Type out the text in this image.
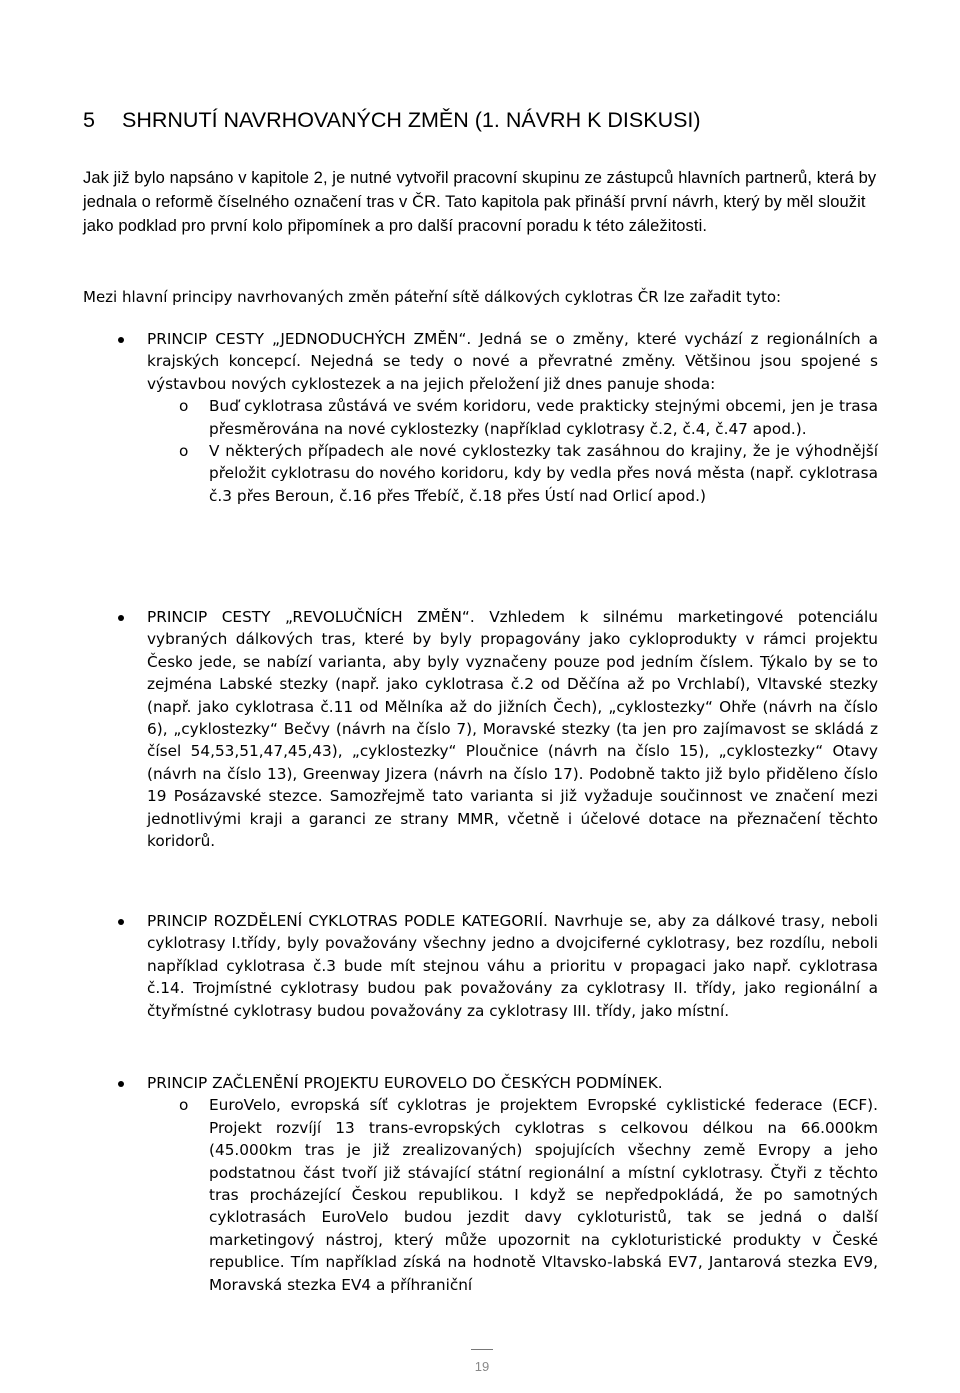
5 SHRNUTÍ NAVRHOVANÝCH ZMĚN (1. NÁVRH K DISKUSI)
Jak již bylo napsáno v kapitole 2, je nutné vytvořil pracovní skupinu ze zástupců hlavních partnerů, která by jednala o reformě číselného označení tras v ČR. Tato kapitola pak přináší první návrh, který by měl sloužit jako podklad pro první kolo připomínek a pro další pracovní poradu k této záležitosti.
Mezi hlavní principy navrhovaných změn páteřní sítě dálkových cyklotras ČR lze zařadit tyto:
PRINCIP CESTY „JEDNODUCHÝCH ZMĚN“. Jedná se o změny, které vychází z regionálních a krajských koncepcí. Nejedná se tedy o nové a převratné změny. Většinou jsou spojené s výstavbou nových cyklostezek a na jejich přeložení již dnes panuje shoda:
o Buď cyklotrasa zůstává ve svém koridoru, vede prakticky stejnými obcemi, jen je trasa přesměrována na nové cyklostezky (například cyklotrasy č.2, č.4, č.47 apod.).
o V některých případech ale nové cyklostezky tak zasáhnou do krajiny, že je výhodnější přeložit cyklotrasu do nového koridoru, kdy by vedla přes nová města (např. cyklotrasa č.3 přes Beroun, č.16 přes Třebíč, č.18 přes Ústí nad Orlicí apod.)
PRINCIP CESTY „REVOLUČNÍCH ZMĚN“. Vzhledem k silnému marketingové potenciálu vybraných dálkových tras, které by byly propagovány jako cykloprodukty v rámci projektu Česko jede, se nabízí varianta, aby byly vyznačeny pouze pod jedním číslem. Týkalo by se to zejména Labské stezky (např. jako cyklotrasa č.2 od Děčína až po Vrchlabí), Vltavské stezky (např. jako cyklotrasa č.11 od Mělníka až do jižních Čech), „cyklostezky“ Ohře (návrh na číslo 6), „cyklostezky“ Bečvy (návrh na číslo 7), Moravské stezky (ta jen pro zajímavost se skládá z čísel 54,53,51,47,45,43), „cyklostezky“ Ploučnice (návrh na číslo 15), „cyklostezky“ Otavy (návrh na číslo 13), Greenway Jizera (návrh na číslo 17). Podobně takto již bylo přiděleno číslo 19 Posázavské stezce. Samozřejmě tato varianta si již vyžaduje součinnost ve značení mezi jednotlivými kraji a garanci ze strany MMR, včetně i účelové dotace na přeznačení těchto koridorů.
PRINCIP ROZDĚLENÍ CYKLOTRAS PODLE KATEGORIÍ. Navrhuje se, aby za dálkové trasy, neboli cyklotrasy I.třídy, byly považovány všechny jedno a dvojciferné cyklotrasy, bez rozdílu, neboli například cyklotrasa č.3 bude mít stejnou váhu a prioritu v propagaci jako např. cyklotrasa č.14. Trojmístné cyklotrasy budou pak považovány za cyklotrasy II. třídy, jako regionální a čtyřmístné cyklotrasy budou považovány za cyklotrasy III. třídy, jako místní.
PRINCIP ZAČLENĚNÍ PROJEKTU EUROVELO DO ČESKÝCH PODMÍNEK.
o EuroVelo, evropská síť cyklotras je projektem Evropské cyklistické federace (ECF). Projekt rozvíjí 13 trans-evropských cyklotras s celkovou délkou na 66.000km (45.000km tras je již zrealizovaných) spojujících všechny země Evropy a jeho podstatnou část tvoří již stávající státní regionální a místní cyklotrasy. Čtyři z těchto tras procházející Českou republikou. I když se nepředpokládá, že po samotných cyklotrasách EuroVelo budou jezdit davy cykloturistů, tak se jedná o další marketingový nástroj, který může upozornit na cykloturistické produkty v České republice. Tím například získá na hodnotě Vltavsko-labská EV7, Jantarová stezka EV9, Moravská stezka EV4 a příhraniční
19
